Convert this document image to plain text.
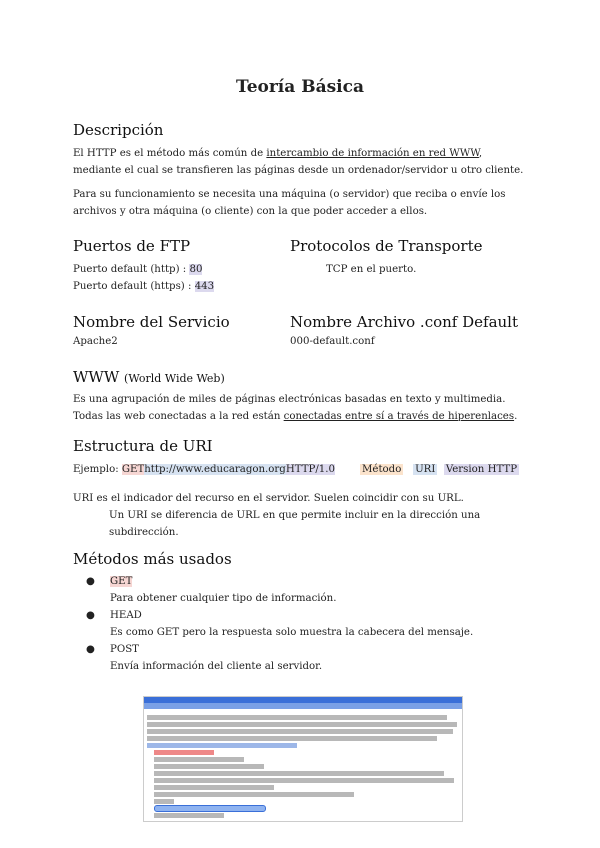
Teoría Básica
Descripción

El HTTP es el método más común de intercambio de información en red WWW, mediante el cual se transfieren las páginas desde un ordenador/servidor u otro cliente.

Para su funcionamiento se necesita una máquina (o servidor) que reciba o envíe los archivos y otra máquina (o cliente) con la que poder acceder a ellos.

Puertos de FTP

Puerto default (http) : 80

Puerto default (https) : 443

Protocolos de Transporte

TCP en el puerto.

Nombre del Servicio

Apache2

Nombre Archivo .conf Default

000-default.conf

WWW (World Wide Web)

Es una agrupación de miles de páginas electrónicas basadas en texto y multimedia. Todas las web conectadas a la red están conectadas entre sí a través de hiperenlaces.

Estructura de URI

Ejemplo: GEThttp://www.educaragon.orgHTTP/1.0	Método URI Version HTTP

URI es el indicador del recurso en el servidor. Suelen coincidir con su URL.

Un URI se diferencia de URL en que permite incluir en la dirección una subdirección.

Métodos más usados
● GET
Para obtener cualquier tipo de información.
● HEAD
Es como GET pero la respuesta solo muestra la cabecera del mensaje.
● POST
Envía información del cliente al servidor.
